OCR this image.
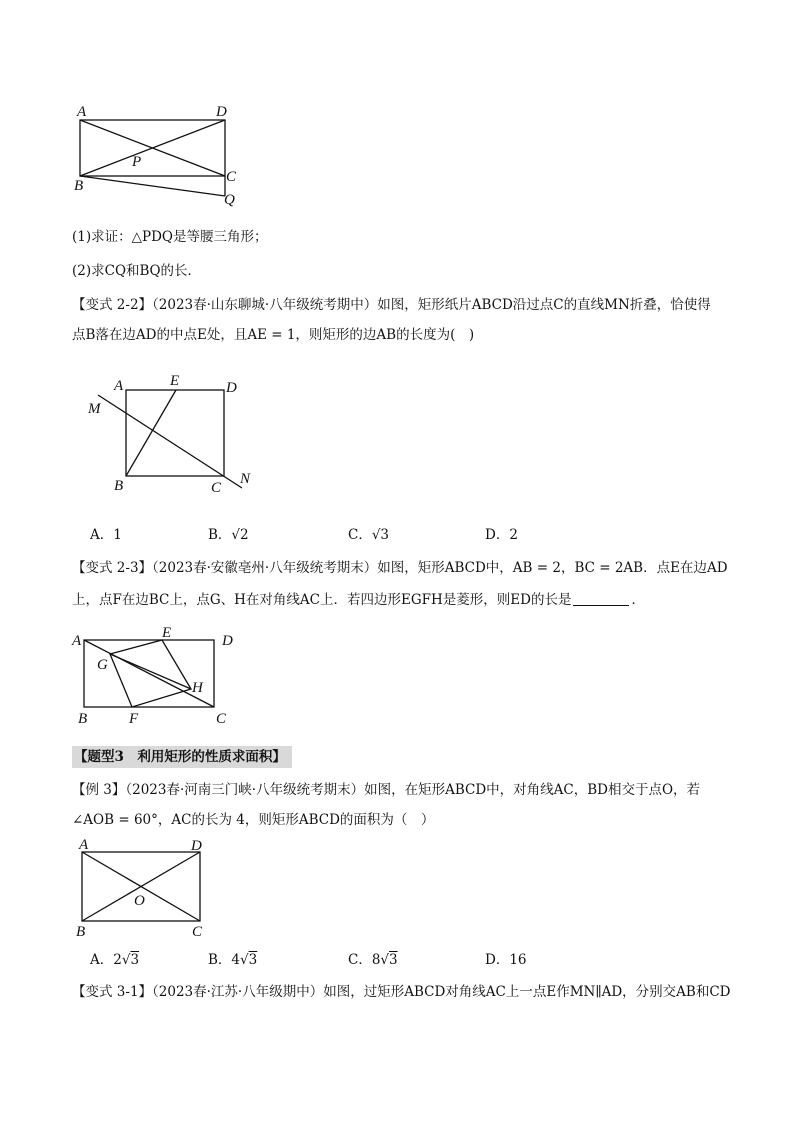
A	D
P
B
C
Q
(1)求证：△PDQ是等腰三角形；
(2)求CQ和BQ的长．
【变式 2-2】（2023春·山东聊城·八年级统考期中）如图，矩形纸片ABCD沿过点C的直线MN折叠，恰使得
点B落在边AD的中点E处，且AE = 1，则矩形的边AB的长度为(　)
A	E	D
M
B	C
N
A．1	B．√2	C．√3	D．2
【变式 2-3】（2023春·安徽亳州·八年级统考期末）如图，矩形ABCD中，AB = 2，BC = 2AB．点E在边AD
上，点F在边BC上，点G、H在对角线AC上．若四边形EGFH是菱形，则ED的长是	．
A	E	D
G
H
B	F	C
【题型3　利用矩形的性质求面积】
【例 3】（2023春·河南三门峡·八年级统考期末）如图，在矩形ABCD中，对角线AC，BD相交于点O，若
∠AOB = 60°，AC的长为 4，则矩形ABCD的面积为（　）
A	D
O
B	C
A．2√3	B．4√3	C．8√3	D．16
【变式 3-1】（2023春·江苏·八年级期中）如图，过矩形ABCD对角线AC上一点E作MN∥AD，分别交AB和CD
